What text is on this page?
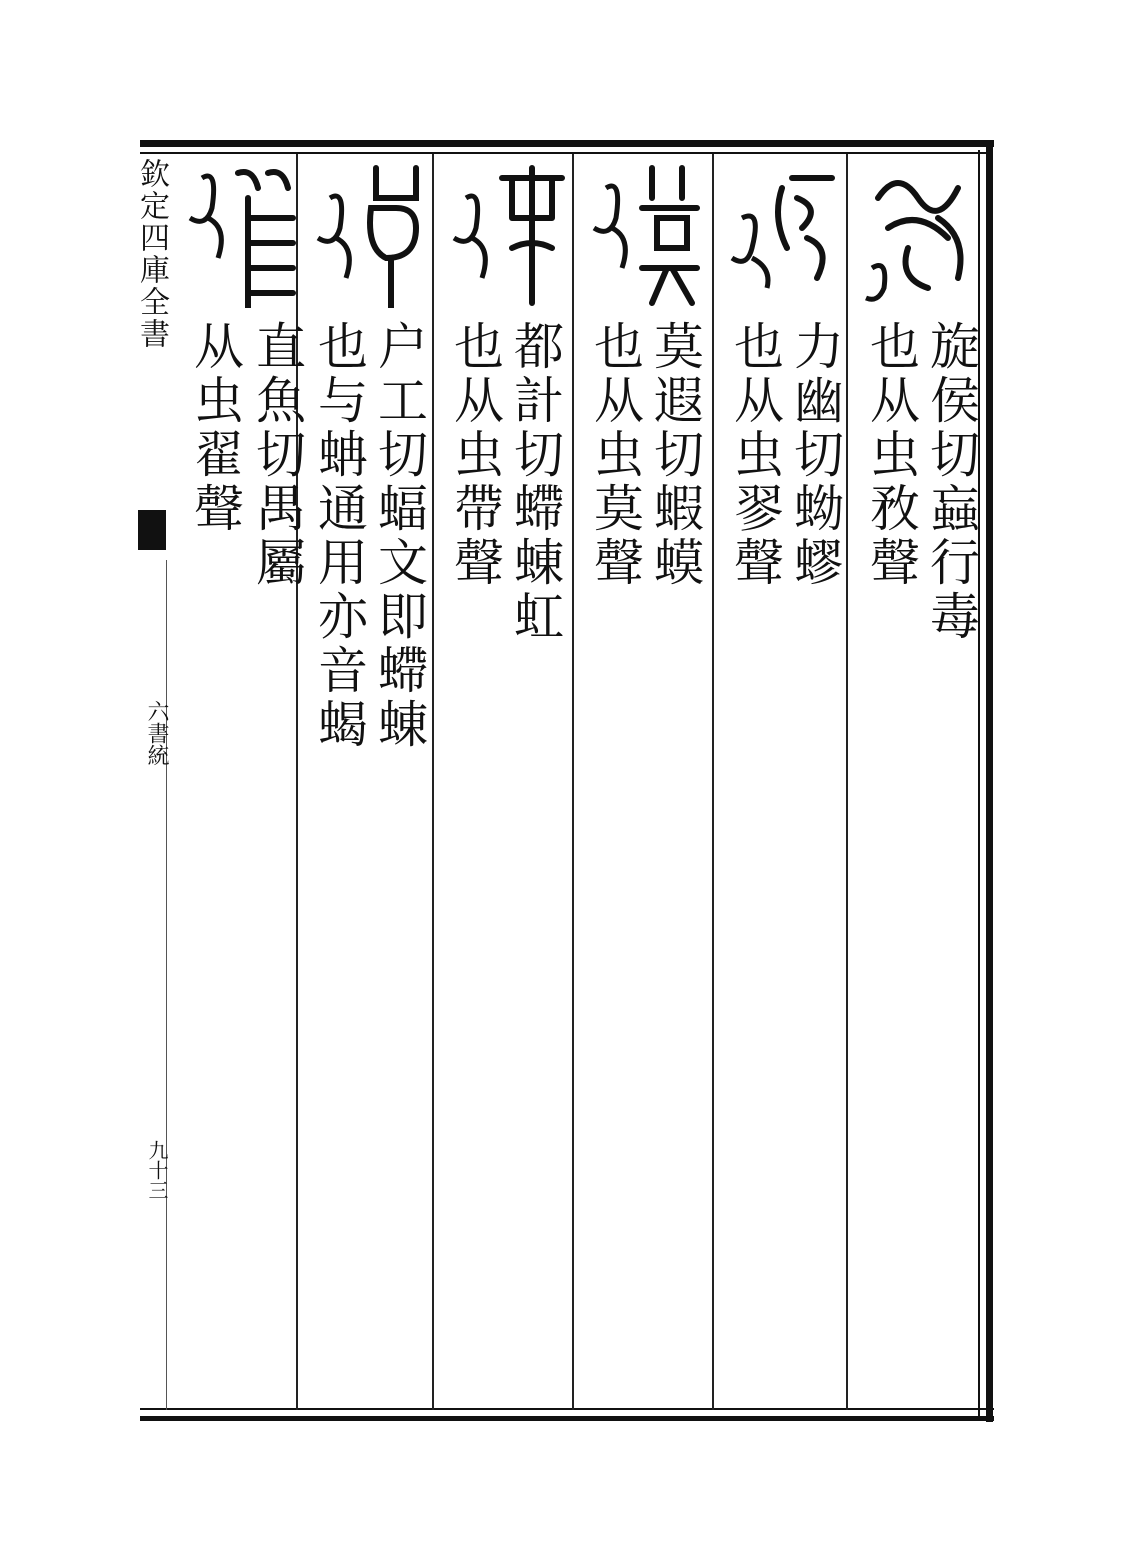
欽定四庫全書
六書統
九十三
旋侯切蝱行毒
也从虫敄聲
力幽切蚴蟉
也从虫翏聲
莫遐切蝦蟆
也从虫莫聲
都計切螮蝀虹
也从虫帶聲
户工切蝠文即螮蝀
也与蚺通用亦音蝎
直魚切禺屬
从虫翟聲
